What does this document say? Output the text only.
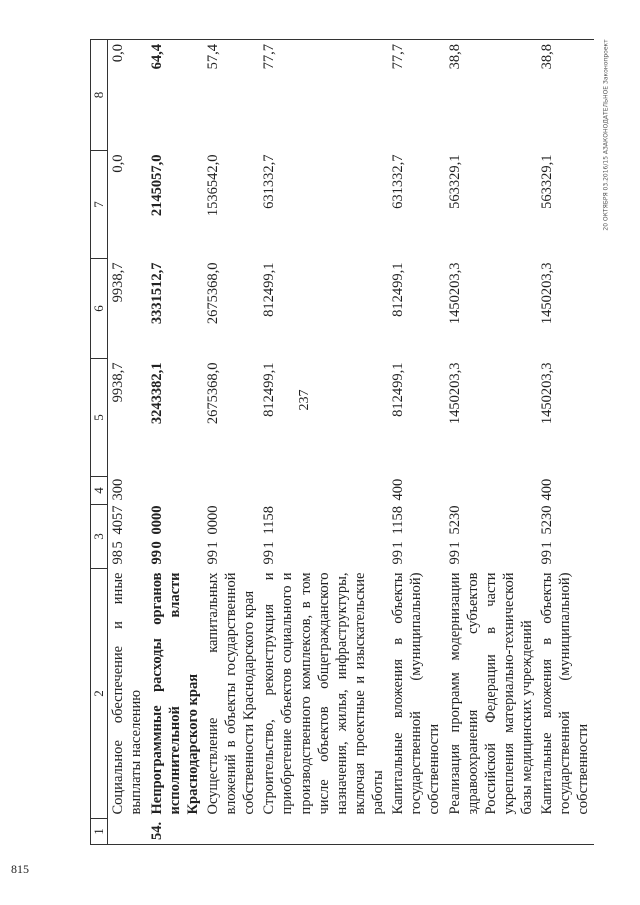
237
815
20 ОКТЯБРЯ 03.2016/15 АЗАКОНОДАТЕЛЬНОЕ Законопроект
1	2	3			4	5	6	7	8
	Социальное обеспечение и иные выплаты населению	98	5	4057	300	9938,7	9938,7	0,0	0,0
54.	Непрограммные расходы органов исполнительной власти Краснодарского края	99	0	0000		3243382,1	3331512,7	2145057,0	64,4
	Осуществление капитальных вложений в объекты государственной собственности Краснодарского края	99	1	0000		2675368,0	2675368,0	1536542,0	57,4
	Строительство, реконструкция и приобретение объектов социального и производственного комплексов, в том числе объектов общегражданского назначения, жилья, инфраструктуры, включая проектные и изыскательские работы	99	1	1158		812499,1	812499,1	631332,7	77,7
	Капитальные вложения в объекты государственной (муниципальной) собственности	99	1	1158	400	812499,1	812499,1	631332,7	77,7
	Реализация программ модернизации здравоохранения субъектов Российской Федерации в части укрепления материально-технической базы медицинских учреждений	99	1	5230		1450203,3	1450203,3	563329,1	38,8
	Капитальные вложения в объекты государственной (муниципальной) собственности	99	1	5230	400	1450203,3	1450203,3	563329,1	38,8
